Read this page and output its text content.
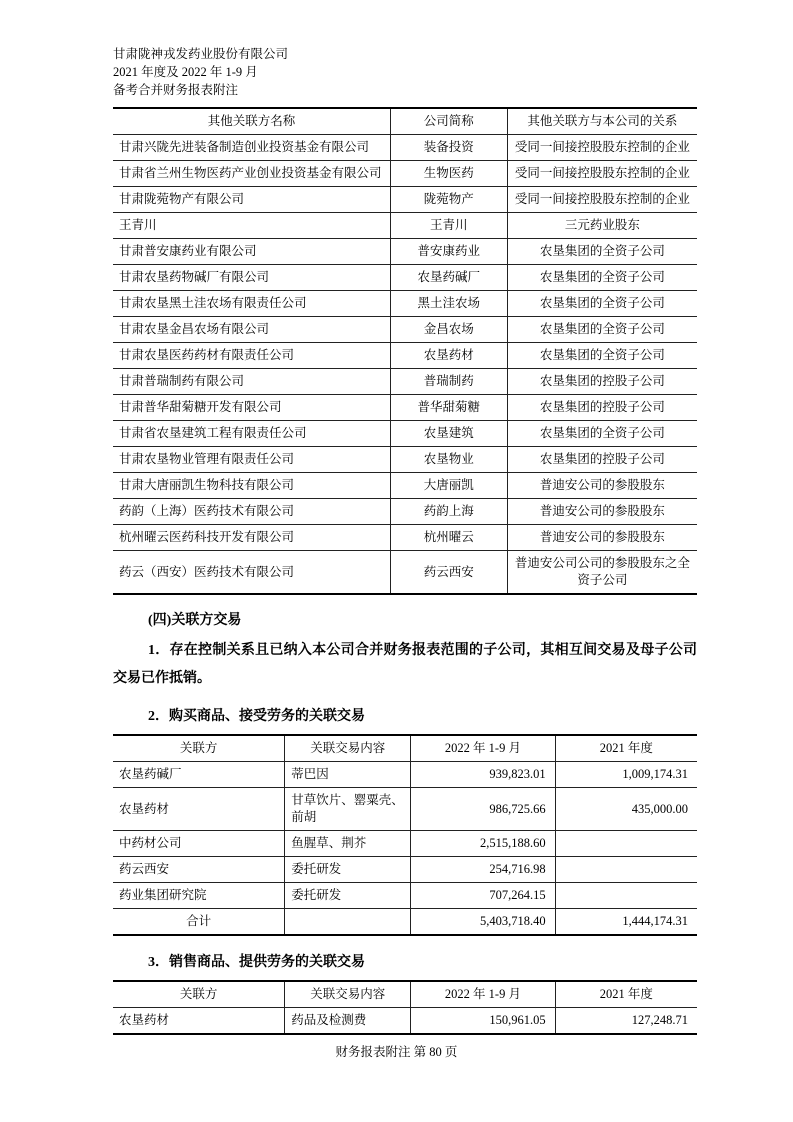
甘肃陇神戎发药业股份有限公司
2021 年度及 2022 年 1-9 月
备考合并财务报表附注
其他关联方名称	公司简称	其他关联方与本公司的关系
甘肃兴陇先进装备制造创业投资基金有限公司	装备投资	受同一间接控股股东控制的企业
甘肃省兰州生物医药产业创业投资基金有限公司	生物医药	受同一间接控股股东控制的企业
甘肃陇菀物产有限公司	陇菀物产	受同一间接控股股东控制的企业
王青川	王青川	三元药业股东
甘肃普安康药业有限公司	普安康药业	农垦集团的全资子公司
甘肃农垦药物碱厂有限公司	农垦药碱厂	农垦集团的全资子公司
甘肃农垦黑土洼农场有限责任公司	黑土洼农场	农垦集团的全资子公司
甘肃农垦金昌农场有限公司	金昌农场	农垦集团的全资子公司
甘肃农垦医药药材有限责任公司	农垦药材	农垦集团的全资子公司
甘肃普瑞制药有限公司	普瑞制药	农垦集团的控股子公司
甘肃普华甜菊糖开发有限公司	普华甜菊糖	农垦集团的控股子公司
甘肃省农垦建筑工程有限责任公司	农垦建筑	农垦集团的全资子公司
甘肃农垦物业管理有限责任公司	农垦物业	农垦集团的控股子公司
甘肃大唐丽凯生物科技有限公司	大唐丽凯	普迪安公司的参股股东
药韵（上海）医药技术有限公司	药韵上海	普迪安公司的参股股东
杭州曜云医药科技开发有限公司	杭州曜云	普迪安公司的参股股东
药云（西安）医药技术有限公司	药云西安	普迪安公司公司的参股股东之全资子公司
(四)关联方交易
1．存在控制关系且已纳入本公司合并财务报表范围的子公司，其相互间交易及母子公司交易已作抵销。
2．购买商品、接受劳务的关联交易
关联方	关联交易内容	2022 年 1-9 月	2021 年度
农垦药碱厂	蒂巴因	939,823.01	1,009,174.31
农垦药材	甘草饮片、罂粟壳、前胡	986,725.66	435,000.00
中药材公司	鱼腥草、荆芥	2,515,188.60	
药云西安	委托研发	254,716.98	
药业集团研究院	委托研发	707,264.15	
合计		5,403,718.40	1,444,174.31
3．销售商品、提供劳务的关联交易
关联方	关联交易内容	2022 年 1-9 月	2021 年度
农垦药材	药品及检测费	150,961.05	127,248.71
财务报表附注 第 80 页
